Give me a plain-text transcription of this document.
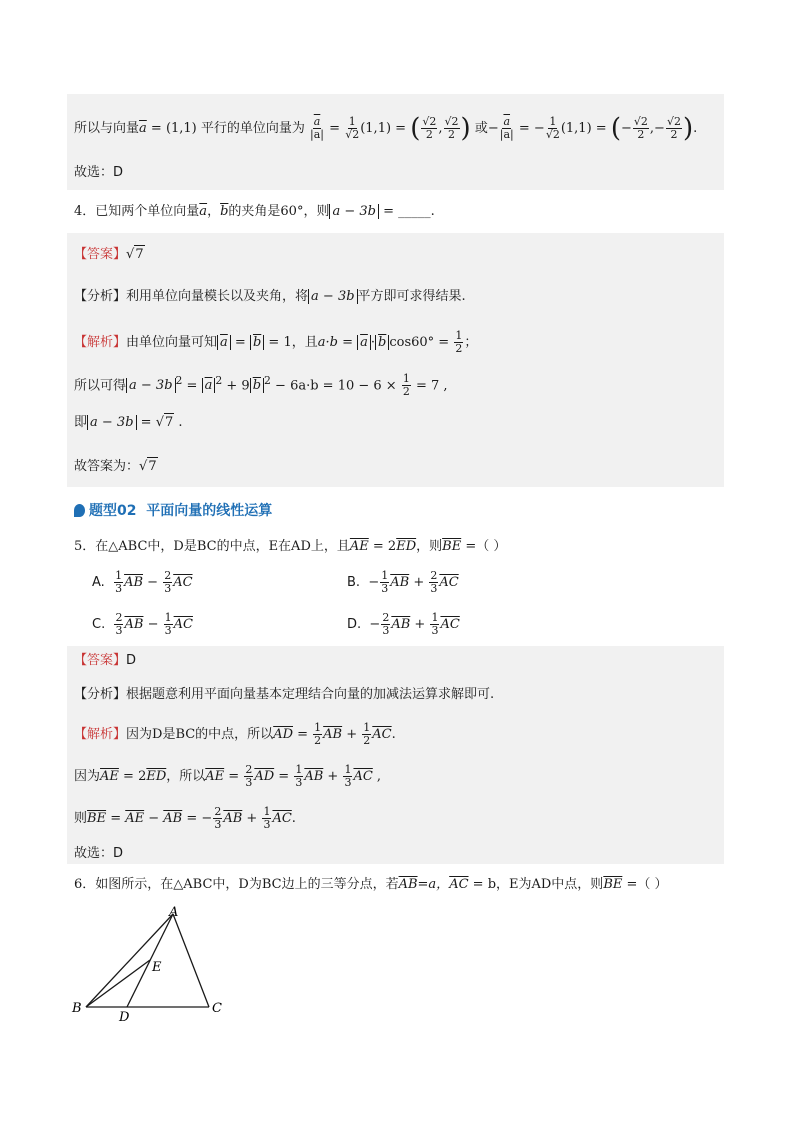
所以与向量$\overline{a} = (1,1)$ 平行的单位向量为 $\frac{\overline{a}}{|a|} = \frac{1}{√2} (1,1)$ = ( $\frac{√2}{2}$ , $\frac{√2}{2}$ ) 或− $\frac{\overline{a}}{|a|}$ = − $\frac{1}{√2} (1,1)$ = (− $\frac{√2}{2}$ ,− $\frac{√2}{2}$ ).
故选：D
4．已知两个单位向量$\overline{a}$，$\overline{b}$的夹角是60°，则 a − 3b = _____.
【答案】√7
【分析】利用单位向量模长以及夹角，将 a − 3b 平方即可求得结果.
【解析】由单位向量可知 $\overline{a} = \overline{b} = 1$，且$a\cdot b = \overline{a} \cdot \overline{b}$ $\cos 60^\circ = \frac{1}{2}$ ；
所以可得 a − 3b $^2 = \overline{a}$ $^2$ + 9 $\overline{b}$ $^2 - 6a\cdot b = 10 - 6 \times \frac{1}{2} = 7$ ,
即 a − 3b = √7 .
故答案为：√7
题型02 平面向量的线性运算
5．在△ABC中，D是BC的中点，E在AD上，且$\overline{AE} = 2\overline{ED}$，则$\overline{BE}$ =（ ）
A. $\frac{1}{3} \overline{AB} - \frac{2}{3} \overline{AC}$	B. − $\frac{1}{3} \overline{AB} + \frac{2}{3} \overline{AC}$
C. $\frac{2}{3} \overline{AB} - \frac{1}{3} \overline{AC}$	D. − $\frac{2}{3} \overline{AB} + \frac{1}{3} \overline{AC}$
【答案】D
【分析】根据题意利用平面向量基本定理结合向量的加减法运算求解即可.
【解析】因为D是BC的中点，所以$\overline{AD} = \frac{1}{2} \overline{AB} + \frac{1}{2} \overline{AC}$.
因为$\overline{AE} = 2\overline{ED}$，所以$\overline{AE} = \frac{2}{3} \overline{AD} = \frac{1}{3} \overline{AB} + \frac{1}{3} \overline{AC}$ ,
则$\overline{BE} = \overline{AE} - \overline{AB}$ = − $\frac{2}{3} \overline{AB} + \frac{1}{3} \overline{AC}$.
故选：D
6．如图所示，在△ABC中，D为BC边上的三等分点，若$\overline{AB}=a$，$\overline{AC} = b$，E为AD中点，则$\overline{BE}$ =（ ）
A
E
B
D
C
